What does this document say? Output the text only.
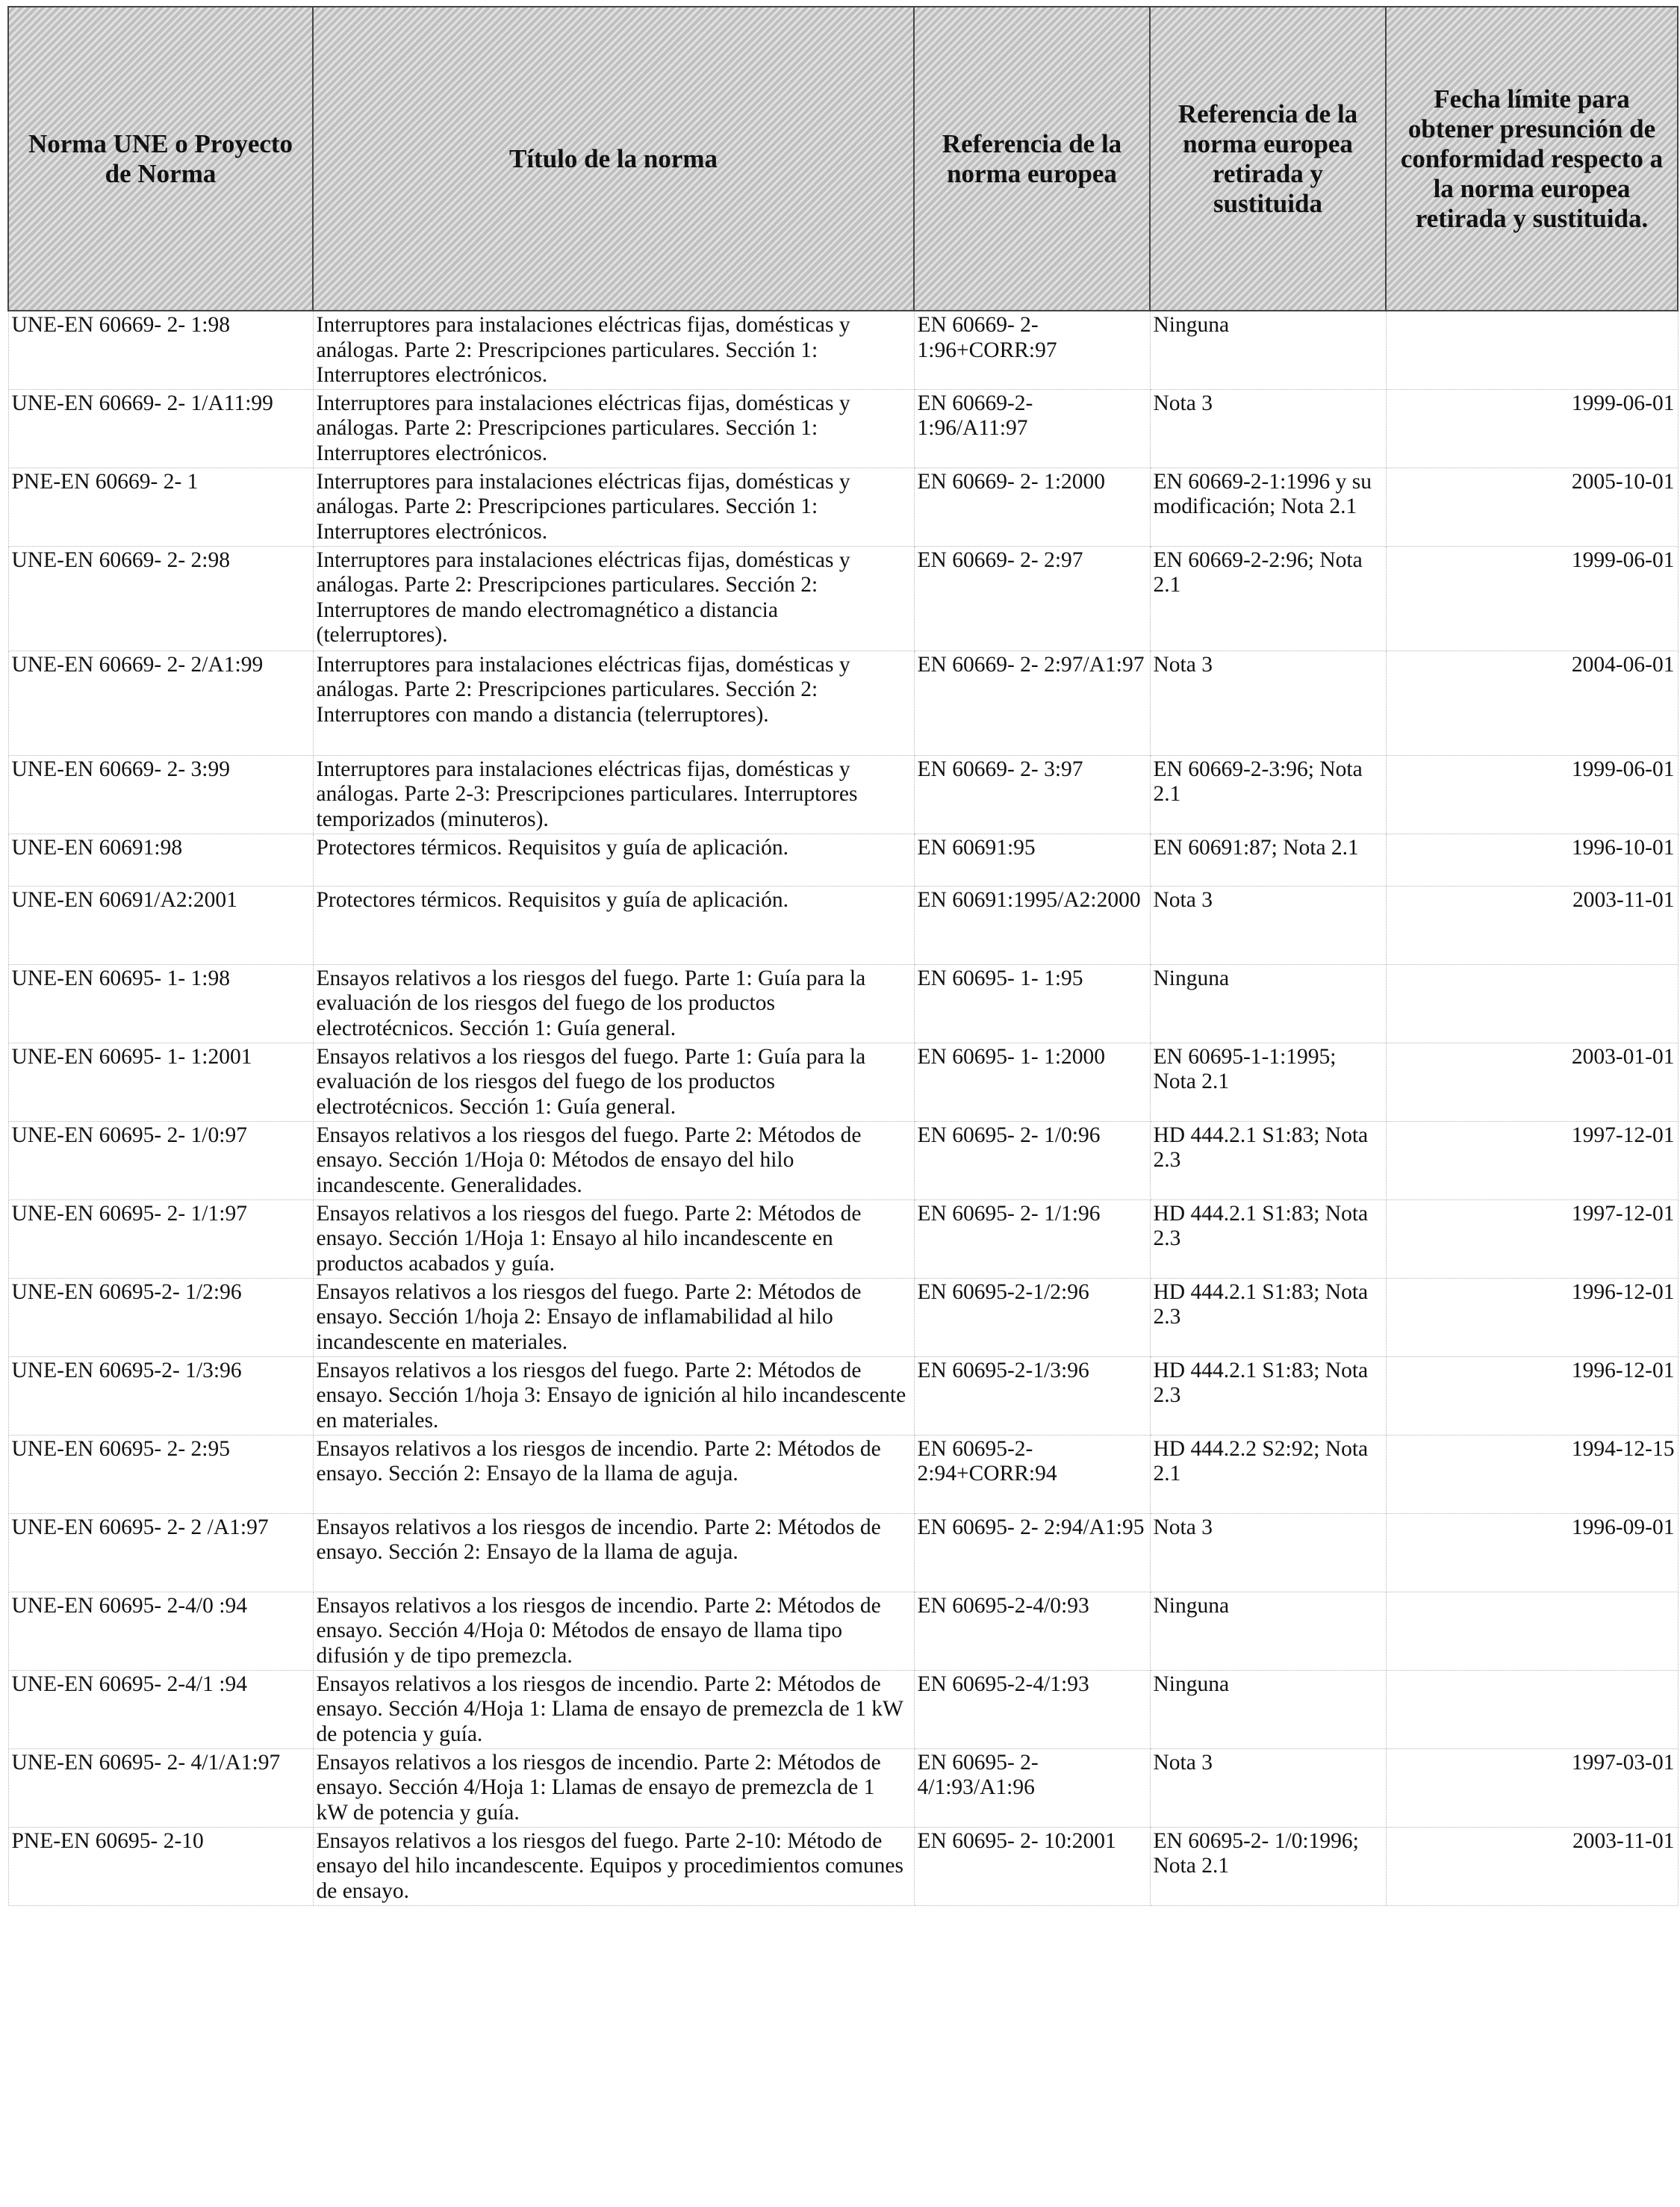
Norma UNE o Proyecto de Norma	Título de la norma	Referencia de la norma europea	Referencia de la norma europea retirada y sustituida	Fecha límite para obtener presunción de conformidad respecto a la norma europea retirada y sustituida.
UNE-EN 60669- 2- 1:98	Interruptores para instalaciones eléctricas fijas, domésticas y análogas. Parte 2: Prescripciones particulares. Sección 1: Interruptores electrónicos.	EN 60669- 2- 1:96+CORR:97	Ninguna	
UNE-EN 60669- 2- 1/A11:99	Interruptores para instalaciones eléctricas fijas, domésticas y análogas. Parte 2: Prescripciones particulares. Sección 1: Interruptores electrónicos.	EN 60669-2- 1:96/A11:97	Nota 3	1999-06-01
PNE-EN 60669- 2- 1	Interruptores para instalaciones eléctricas fijas, domésticas y análogas. Parte 2: Prescripciones particulares. Sección 1: Interruptores electrónicos.	EN 60669- 2- 1:2000	EN 60669-2-1:1996 y su modificación; Nota 2.1	2005-10-01
UNE-EN 60669- 2- 2:98	Interruptores para instalaciones eléctricas fijas, domésticas y análogas. Parte 2: Prescripciones particulares. Sección 2: Interruptores de mando electromagnético a distancia (telerruptores).	EN 60669- 2- 2:97	EN 60669-2-2:96; Nota 2.1	1999-06-01
UNE-EN 60669- 2- 2/A1:99	Interruptores para instalaciones eléctricas fijas, domésticas y análogas. Parte 2: Prescripciones particulares. Sección 2: Interruptores con mando a distancia (telerruptores).	EN 60669- 2- 2:97/A1:97	Nota 3	2004-06-01
UNE-EN 60669- 2- 3:99	Interruptores para instalaciones eléctricas fijas, domésticas y análogas. Parte 2-3: Prescripciones particulares. Interruptores temporizados (minuteros).	EN 60669- 2- 3:97	EN 60669-2-3:96; Nota 2.1	1999-06-01
UNE-EN 60691:98	Protectores térmicos. Requisitos y guía de aplicación.	EN 60691:95	EN 60691:87; Nota 2.1	1996-10-01
UNE-EN 60691/A2:2001	Protectores térmicos. Requisitos y guía de aplicación.	EN 60691:1995/A2:2000	Nota 3	2003-11-01
UNE-EN 60695- 1- 1:98	Ensayos relativos a los riesgos del fuego. Parte 1: Guía para la evaluación de los riesgos del fuego de los productos electrotécnicos. Sección 1: Guía general.	EN 60695- 1- 1:95	Ninguna	
UNE-EN 60695- 1- 1:2001	Ensayos relativos a los riesgos del fuego. Parte 1: Guía para la evaluación de los riesgos del fuego de los productos electrotécnicos. Sección 1: Guía general.	EN 60695- 1- 1:2000	EN 60695-1-1:1995; Nota 2.1	2003-01-01
UNE-EN 60695- 2- 1/0:97	Ensayos relativos a los riesgos del fuego. Parte 2: Métodos de ensayo. Sección 1/Hoja 0: Métodos de ensayo del hilo incandescente. Generalidades.	EN 60695- 2- 1/0:96	HD 444.2.1 S1:83; Nota 2.3	1997-12-01
UNE-EN 60695- 2- 1/1:97	Ensayos relativos a los riesgos del fuego. Parte 2: Métodos de ensayo. Sección 1/Hoja 1: Ensayo al hilo incandescente en productos acabados y guía.	EN 60695- 2- 1/1:96	HD 444.2.1 S1:83; Nota 2.3	1997-12-01
UNE-EN 60695-2- 1/2:96	Ensayos relativos a los riesgos del fuego. Parte 2: Métodos de ensayo. Sección 1/hoja 2: Ensayo de inflamabilidad al hilo incandescente en materiales.	EN 60695-2-1/2:96	HD 444.2.1 S1:83; Nota 2.3	1996-12-01
UNE-EN 60695-2- 1/3:96	Ensayos relativos a los riesgos del fuego. Parte 2: Métodos de ensayo. Sección 1/hoja 3: Ensayo de ignición al hilo incandescente en materiales.	EN 60695-2-1/3:96	HD 444.2.1 S1:83; Nota 2.3	1996-12-01
UNE-EN 60695- 2- 2:95	Ensayos relativos a los riesgos de incendio. Parte 2: Métodos de ensayo. Sección 2: Ensayo de la llama de aguja.	EN 60695-2- 2:94+CORR:94	HD 444.2.2 S2:92; Nota 2.1	1994-12-15
UNE-EN 60695- 2- 2 /A1:97	Ensayos relativos a los riesgos de incendio. Parte 2: Métodos de ensayo. Sección 2: Ensayo de la llama de aguja.	EN 60695- 2- 2:94/A1:95	Nota 3	1996-09-01
UNE-EN 60695- 2-4/0 :94	Ensayos relativos a los riesgos de incendio. Parte 2: Métodos de ensayo. Sección 4/Hoja 0: Métodos de ensayo de llama tipo difusión y de tipo premezcla.	EN 60695-2-4/0:93	Ninguna	
UNE-EN 60695- 2-4/1 :94	Ensayos relativos a los riesgos de incendio. Parte 2: Métodos de ensayo. Sección 4/Hoja 1: Llama de ensayo de premezcla de 1 kW de potencia y guía.	EN 60695-2-4/1:93	Ninguna	
UNE-EN 60695- 2- 4/1/A1:97	Ensayos relativos a los riesgos de incendio. Parte 2: Métodos de ensayo. Sección 4/Hoja 1: Llamas de ensayo de premezcla de 1 kW de potencia y guía.	EN 60695- 2- 4/1:93/A1:96	Nota 3	1997-03-01
PNE-EN 60695- 2-10	Ensayos relativos a los riesgos del fuego. Parte 2-10: Método de ensayo del hilo incandescente. Equipos y procedimientos comunes de ensayo.	EN 60695- 2- 10:2001	EN 60695-2- 1/0:1996; Nota 2.1	2003-11-01
